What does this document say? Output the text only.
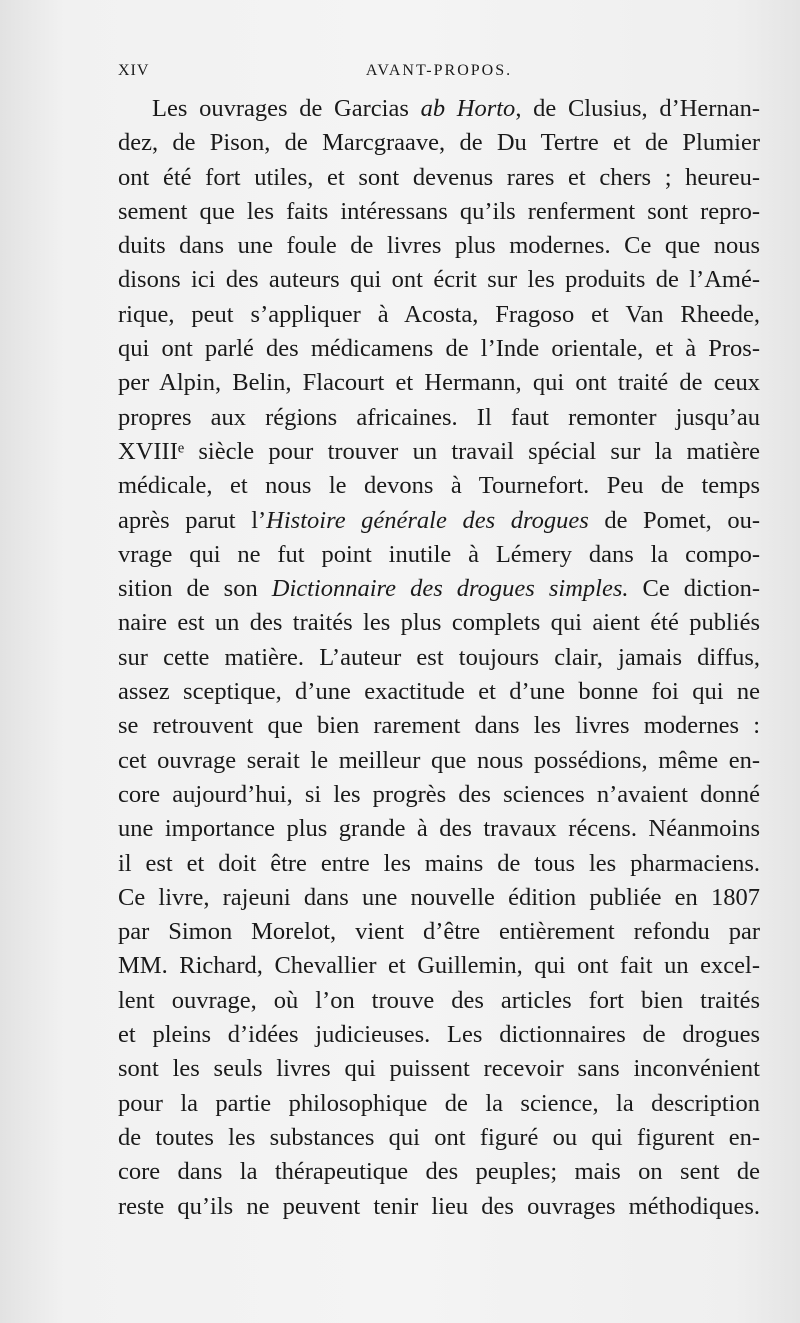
XIV	AVANT-PROPOS.
Les ouvrages de Garcias ab Horto, de Clusius, d’Hernan-
dez, de Pison, de Marcgraave, de Du Tertre et de Plumier
ont été fort utiles, et sont devenus rares et chers ; heureu-
sement que les faits intéressans qu’ils renferment sont repro-
duits dans une foule de livres plus modernes. Ce que nous
disons ici des auteurs qui ont écrit sur les produits de l’Amé-
rique, peut s’appliquer à Acosta, Fragoso et Van Rheede,
qui ont parlé des médicamens de l’Inde orientale, et à Pros-
per Alpin, Belin, Flacourt et Hermann, qui ont traité de ceux
propres aux régions africaines. Il faut remonter jusqu’au
XVIIIᵉ siècle pour trouver un travail spécial sur la matière
médicale, et nous le devons à Tournefort. Peu de temps
après parut l’Histoire générale des drogues de Pomet, ou-
vrage qui ne fut point inutile à Lémery dans la compo-
sition de son Dictionnaire des drogues simples. Ce diction-
naire est un des traités les plus complets qui aient été publiés
sur cette matière. L’auteur est toujours clair, jamais diffus,
assez sceptique, d’une exactitude et d’une bonne foi qui ne
se retrouvent que bien rarement dans les livres modernes :
cet ouvrage serait le meilleur que nous possédions, même en-
core aujourd’hui, si les progrès des sciences n’avaient donné
une importance plus grande à des travaux récens. Néanmoins
il est et doit être entre les mains de tous les pharmaciens.
Ce livre, rajeuni dans une nouvelle édition publiée en 1807
par Simon Morelot, vient d’être entièrement refondu par
MM. Richard, Chevallier et Guillemin, qui ont fait un excel-
lent ouvrage, où l’on trouve des articles fort bien traités
et pleins d’idées judicieuses. Les dictionnaires de drogues
sont les seuls livres qui puissent recevoir sans inconvénient
pour la partie philosophique de la science, la description
de toutes les substances qui ont figuré ou qui figurent en-
core dans la thérapeutique des peuples; mais on sent de
reste qu’ils ne peuvent tenir lieu des ouvrages méthodiques.
